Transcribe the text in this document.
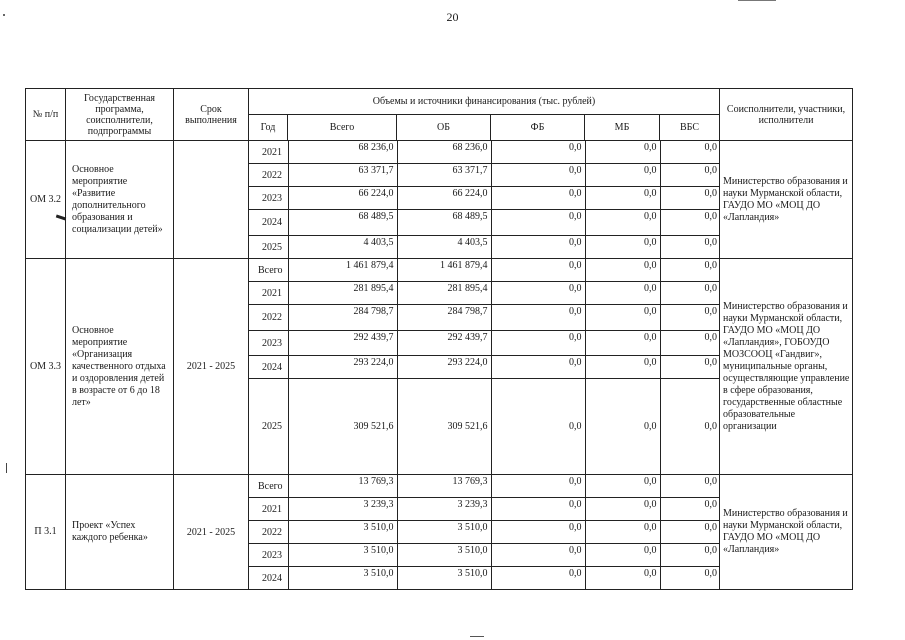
20
№ п/п	Государственная программа, соисполнители, подпрограммы	Срок выполнения	Объемы и источники финансирования (тыс. рублей)	Соисполнители, участники, исполнители
Год	Всего	ОБ	ФБ	МБ	ВБС
ОМ 3.2	Основное мероприятие «Развитие дополнительного образования и социализации детей»		
2021	68 236,0	68 236,0	0,0	0,0	0,0
2022	63 371,7	63 371,7	0,0	0,0	0,0
2023	66 224,0	66 224,0	0,0	0,0	0,0
2024	68 489,5	68 489,5	0,0	0,0	0,0
2025	4 403,5	4 403,5	0,0	0,0	0,0
	Министерство образования и науки Мурманской области, ГАУДО МО «МОЦ ДО «Лапландия»
ОМ 3.3	Основное мероприятие «Организация качественного отдыха и оздоровления детей в возрасте от 6 до 18 лет»	2021 - 2025	
Всего	1 461 879,4	1 461 879,4	0,0	0,0	0,0
2021	281 895,4	281 895,4	0,0	0,0	0,0
2022	284 798,7	284 798,7	0,0	0,0	0,0
2023	292 439,7	292 439,7	0,0	0,0	0,0
2024	293 224,0	293 224,0	0,0	0,0	0,0
2025	309 521,6	309 521,6	0,0	0,0	0,0
	Министерство образования и науки Мурманской области, ГАУДО МО «МОЦ ДО «Лапландия», ГОБОУДО МОЗСООЦ «Гандвиг», муниципальные органы, осуществляющие управление в сфере образования, государственные областные образовательные организации
П 3.1	Проект «Успех каждого ребенка»	2021 - 2025	
Всего	13 769,3	13 769,3	0,0	0,0	0,0
2021	3 239,3	3 239,3	0,0	0,0	0,0
2022	3 510,0	3 510,0	0,0	0,0	0,0
2023	3 510,0	3 510,0	0,0	0,0	0,0
2024	3 510,0	3 510,0	0,0	0,0	0,0
	Министерство образования и науки Мурманской области, ГАУДО МО «МОЦ ДО «Лапландия»
